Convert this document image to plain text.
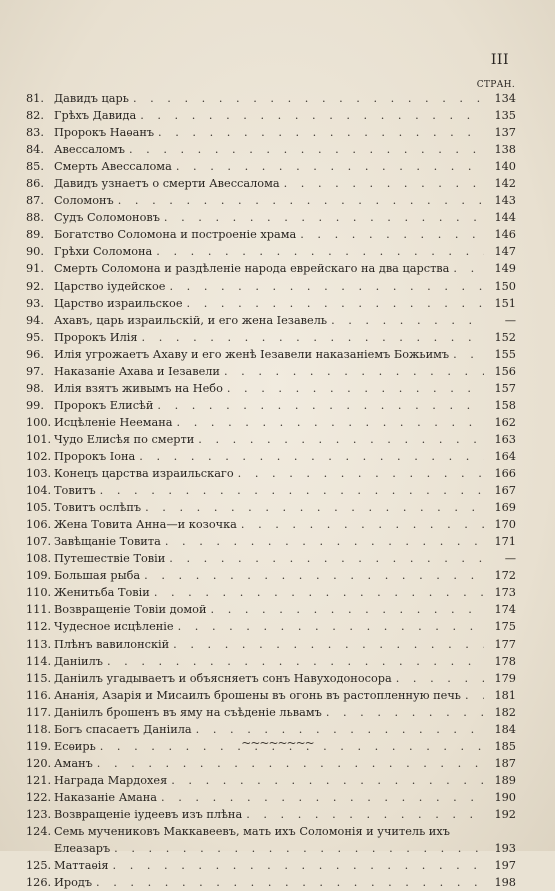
III
СТРАН.
81. Давидъ царь . . .	134
82. Грѣхъ Давида . . .	135
83. Пророкъ Наѳанъ . . .	137
84. Авессаломъ . . .	138
85. Смерть Авессалома . . .	140
86. Давидъ узнаетъ о смерти Авессалома . . .	142
87. Соломонъ . . .	143
88. Судъ Соломоновъ . . .	144
89. Богатство Соломона и построеніе храма . . .	146
90. Грѣхи Соломона . . .	147
91. Смерть Соломона и раздѣленіе народа еврейскаго на два царства . . .	149
92. Царство іудейское . . .	150
93. Царство израильское . . .	151
94. Ахавъ, царь израильскій, и его жена Іезавель . . .	—
95. Пророкъ Илія . . .	152
96. Илія угрожаетъ Ахаву и его женѣ Іезавели наказаніемъ Божьимъ . . .	155
97. Наказаніе Ахава и Іезавели . . .	156
98. Илія взятъ живымъ на Небо . . .	157
99. Пророкъ Елисѣй . . .	158
100. Исцѣленіе Неемана . . .	162
101. Чудо Елисѣя по смерти . . .	163
102. Пророкъ Іона . . .	164
103. Конецъ царства израильскаго . . .	166
104. Товитъ . . .	167
105. Товитъ ослѣпъ . . .	169
106. Жена Товита Анна—и козочка . . .	170
107. Завѣщаніе Товита . . .	171
108. Путешествіе Товіи . . .	—
109. Большая рыба . . .	172
110. Женитьба Товіи . . .	173
111. Возвращеніе Товіи домой . . .	174
112. Чудесное исцѣленіе . . .	175
113. Плѣнъ вавилонскій . . .	177
114. Даніилъ . . .	178
115. Даніилъ угадываетъ и объясняетъ сонъ Навуходоносора . . .	179
116. Ананія, Азарія и Мисаилъ брошены въ огонь въ растопленную печь . . .	181
117. Даніилъ брошенъ въ яму на съѣденіе львамъ . . .	182
118. Богъ спасаетъ Даніила . . .	184
119. Есѳирь . . .	185
120. Аманъ . . .	187
121. Награда Мардохея . . .	189
122. Наказаніе Амана . . .	190
123. Возвращеніе іудеевъ изъ плѣна . . .	192
124. Семь мучениковъ Маккавеевъ, мать ихъ Соломонія и учитель ихъ
Елеазаръ . . .	193
125. Маттаѳія . . .	197
126. Иродъ . . .	198
~~~~~~~~
